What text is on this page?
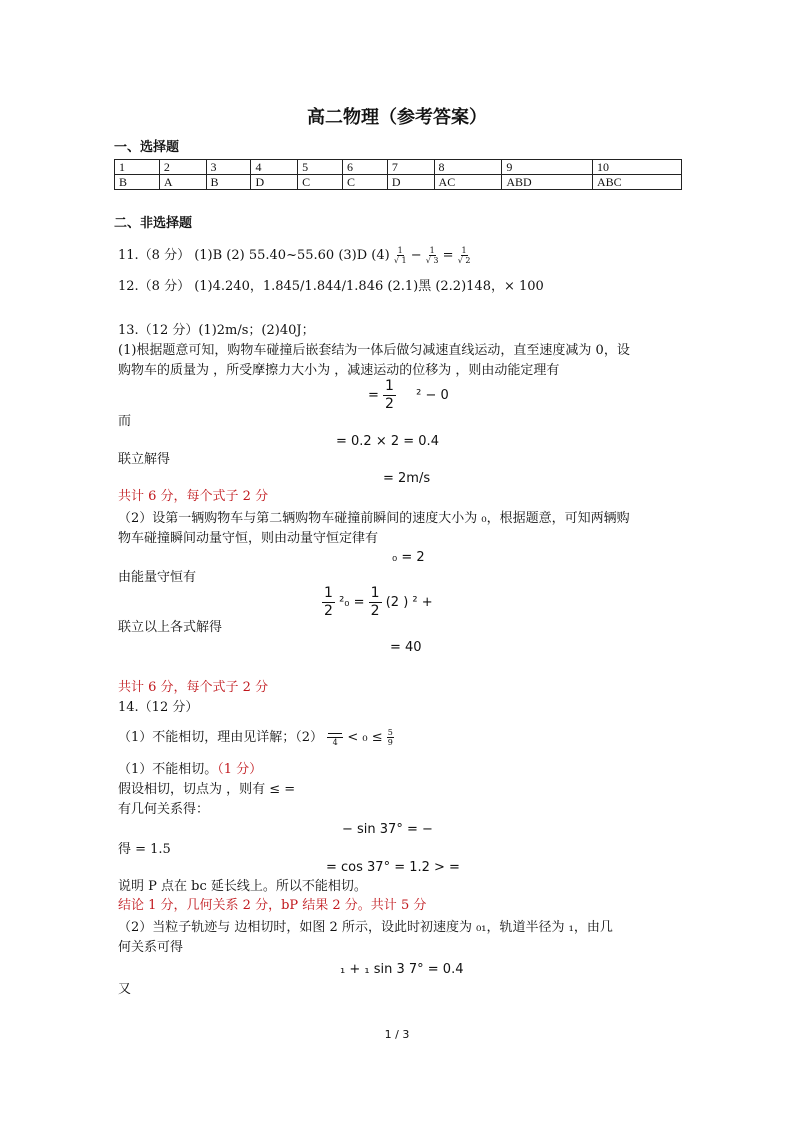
高二物理（参考答案）
一、选择题
1	2	3	4	5	6	7	8	9	10
B	A	B	D	C	C	D	AC	ABD	ABC
二、非选择题
11.（8 分） (1)B (2) 55.40~55.60 (3)D $(4) \frac{1}{√ 1} - \frac{1}{√ 3} = \frac{1}{√ 2}$
12.（8 分） (1)4.240，1.845/1.844/1.846 (2.1)黑 (2.2)148，× 100
13.（12 分）(1)2m/s；(2)40J；
(1)根据题意可知，购物车碰撞后嵌套结为一体后做匀减速直线运动，直至速度减为 0，设
购物车的质量为 ，所受摩擦力大小为 ，减速运动的位移为 ，则由动能定理有
= $\frac{1}{2} ^2 - 0$
而
= 0.2 × 2 = 0.4
联立解得
= 2m/s
共计 6 分，每个式子 2 分
（2）设第一辆购物车与第二辆购物车碰撞前瞬间的速度大小为 ₀，根据题意，可知两辆购
物车碰撞瞬间动量守恒，则由动量守恒定律有
₀ = 2
由能量守恒有
$\frac{1}{2} ^2_0 = \frac{1}{2} (2$ ) ² +
联立以上各式解得
= 40
共计 6 分，每个式子 2 分
14.（12 分）
（1）不能相切，理由见详解；（2） $4 < _0 \le \frac{5}{9}$
（1）不能相切。（1 分）
假设相切，切点为 ，则有 ≤ =
有几何关系得：
− sin 37° = −
得 = 1.5
= cos 37° = 1.2 > =
说明 P 点在 bc 延长线上。所以不能相切。
结论 1 分，几何关系 2 分，bP 结果 2 分。共计 5 分
（2）当粒子轨迹与 边相切时，如图 2 所示，设此时初速度为 ₀₁，轨道半径为 ₁，由几
何关系可得
₁ + ₁ sin 3 7° = 0.4
又
1 / 3
